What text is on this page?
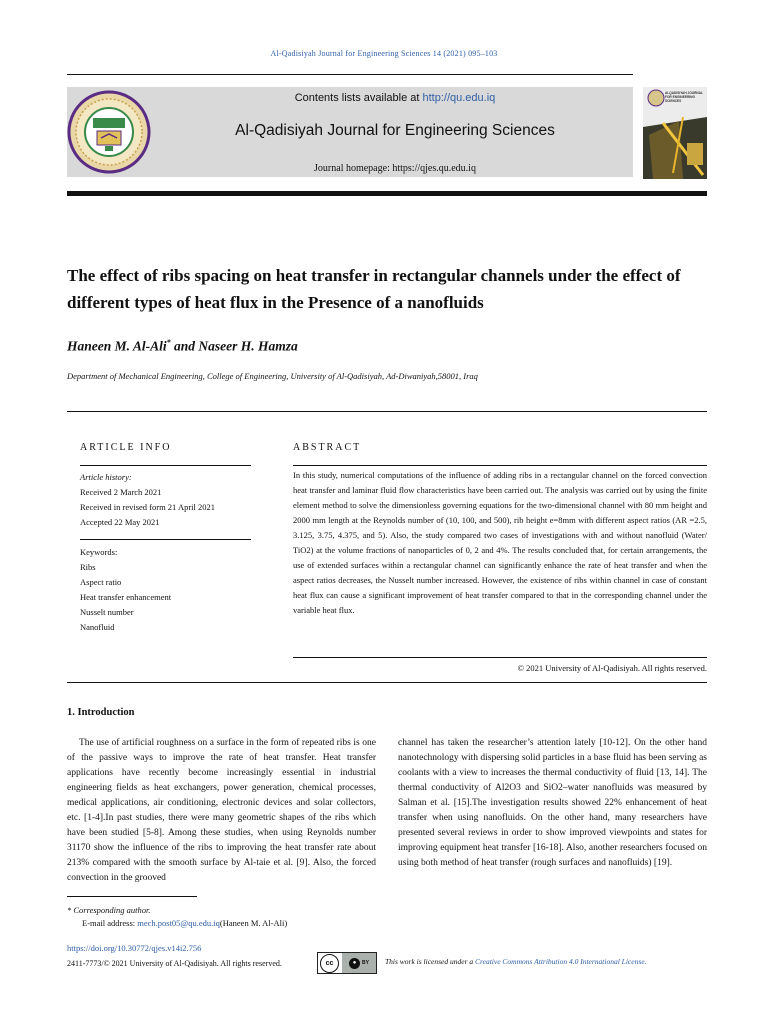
Al-Qadisiyah Journal for Engineering Sciences 14 (2021) 095–103
Contents lists available at http://qu.edu.iq
Al-Qadisiyah Journal for Engineering Sciences
Journal homepage: https://qjes.qu.edu.iq
Al-QADISIYAH JOURNAL FOR ENGINEERING SCIENCES
The effect of ribs spacing on heat transfer in rectangular channels under the effect of different types of heat flux in the Presence of a nanofluids
Haneen M. Al-Ali* and Naseer H. Hamza
Department of Mechanical Engineering, College of Engineering, University of Al-Qadisiyah, Ad-Diwaniyah,58001, Iraq
ARTICLE INFO
Article history:
Received 2 March 2021
Received in revised form 21 April 2021
Accepted 22 May 2021
Keywords:
Ribs
Aspect ratio
Heat transfer enhancement
Nusselt number
Nanofluid
ABSTRACT
In this study, numerical computations of the influence of adding ribs in a rectangular channel on the forced convection heat transfer and laminar fluid flow characteristics have been carried out. The analysis was carried out by using the finite element method to solve the dimensionless governing equations for the two-dimensional channel with 80 mm height and 2000 mm length at the Reynolds number of (10, 100, and 500), rib height e=8mm with different aspect ratios (AR =2.5, 3.125, 3.75, 4.375, and 5). Also, the study compared two cases of investigations with and without nanofluid (Water/ TiO2) at the volume fractions of nanoparticles of 0, 2 and 4%. The results concluded that, for certain arrangements, the use of extended surfaces within a rectangular channel can significantly enhance the rate of heat transfer and when the aspect ratios decreases, the Nusselt number increased. However, the existence of ribs within channel in case of constant heat flux can cause a significant improvement of heat transfer compared to that in the corresponding channel under the variable heat flux.
© 2021 University of Al-Qadisiyah. All rights reserved.
1. Introduction

The use of artificial roughness on a surface in the form of repeated ribs is one of the passive ways to improve the rate of heat transfer. Heat transfer applications have recently become increasingly essential in industrial engineering fields as heat exchangers, power generation, chemical processes, medical applications, air conditioning, electronic devices and solar collectors, etc. [1-4].In past studies, there were many geometric shapes of the ribs which have been studied [5-8]. Among these studies, when using Reynolds number 31170 show the influence of the ribs to improving the heat transfer rate about 213% compared with the smooth surface by Al-taie et al. [9]. Also, the forced convection in the grooved

channel has taken the researcher’s attention lately [10-12]. On the other hand nanotechnology with dispersing solid particles in a base fluid has been serving as coolants with a view to increases the thermal conductivity of fluid [13, 14]. The thermal conductivity of Al2O3 and SiO2–water nanofluids was measured by Salman et al. [15].The investigation results showed 22% enhancement of heat transfer when using nanofluids. On the other hand, many researchers have presented several reviews in order to show improved viewpoints and states for improving equipment heat transfer [16-18]. Also, another researchers focused on using both method of heat transfer (rough surfaces and nanofluids) [19].

* Corresponding author.
E-mail address: mech.post05@qu.edu.iq(Haneen M. Al-Ali)
https://doi.org/10.30772/qjes.v14i2.756
2411-7773/© 2021 University of Al-Qadisiyah. All rights reserved.	cc	●	BY This work is licensed under a Creative Commons Attribution 4.0 International License.
